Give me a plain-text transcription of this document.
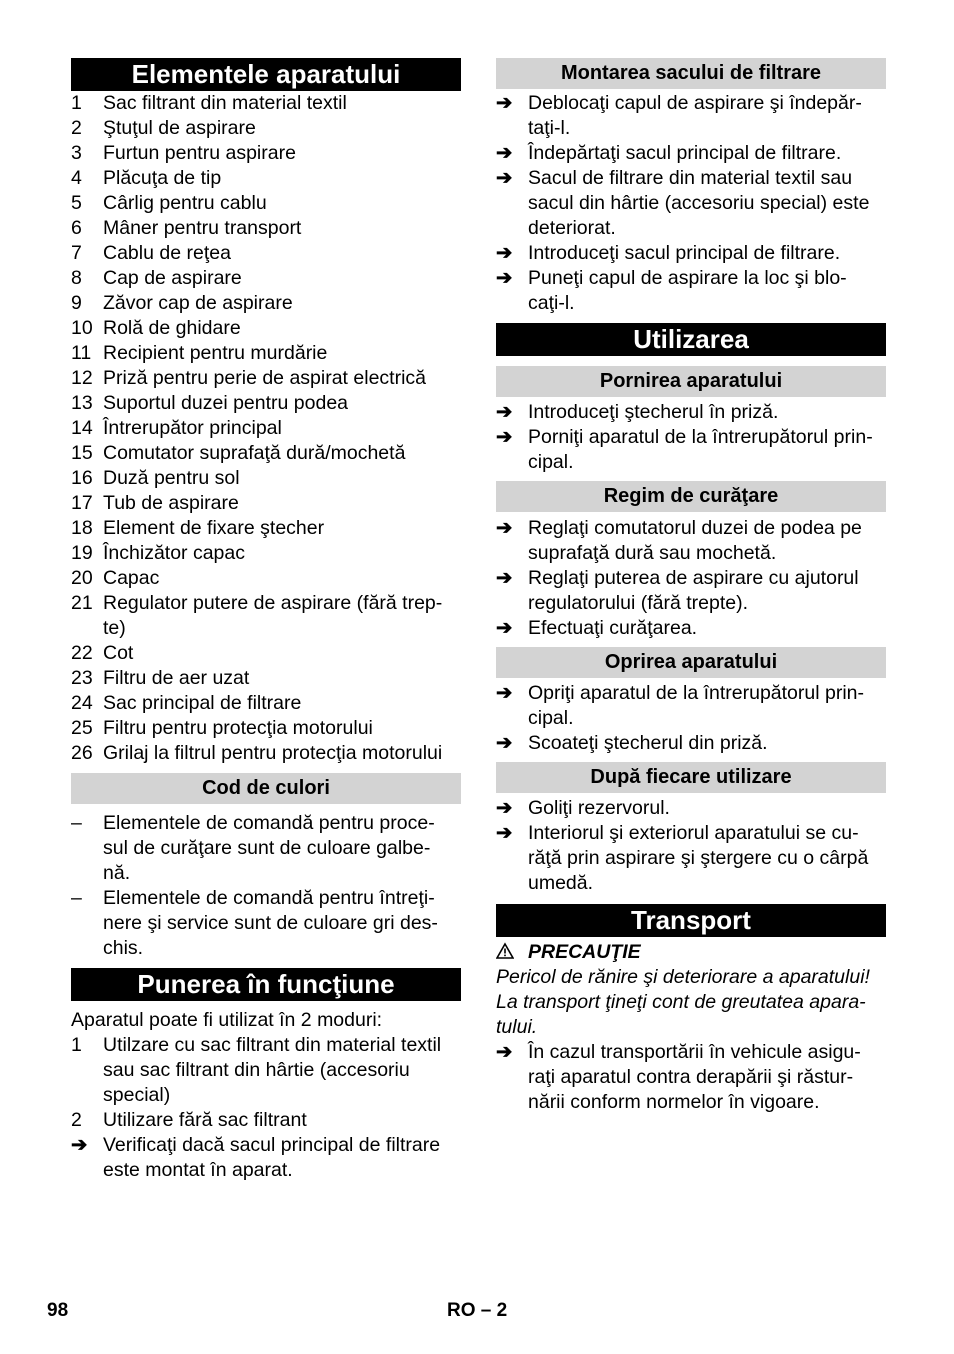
Elementele aparatului
1	Sac filtrant din material textil
2	Ştuţul de aspirare
3	Furtun pentru aspirare
4	Plăcuţa de tip
5	Cârlig pentru cablu
6	Mâner pentru transport
7	Cablu de reţea
8	Cap de aspirare
9	Zăvor cap de aspirare
10 Rolă de ghidare
11 Recipient pentru murdărie
12 Priză pentru perie de aspirat electrică
13 Suportul duzei pentru podea
14 Întrerupător principal
15 Comutator suprafaţă dură/mochetă
16 Duză pentru sol
17 Tub de aspirare
18 Element de fixare ştecher
19 Închizător capac
20 Capac
21 Regulator putere de aspirare (fără trep-
te)
22 Cot
23 Filtru de aer uzat
24 Sac principal de filtrare
25 Filtru pentru protecţia motorului
26 Grilaj la filtrul pentru protecţia motorului
Cod de culori
–	Elementele de comandă pentru proce-
sul de curăţare sunt de culoare galbe-
nă.
–	Elementele de comandă pentru întreţi-
nere şi service sunt de culoare gri des-
chis.
Punerea în funcţiune
Aparatul poate fi utilizat în 2 moduri:
1	Utilzare cu sac filtrant din material textil
sau sac filtrant din hârtie (accesoriu
special)
2	Utilizare fără sac filtrant
➔ Verificaţi dacă sacul principal de filtrare
este montat în aparat.
Montarea sacului de filtrare
➔ Deblocaţi capul de aspirare şi îndepăr-
taţi-l.
➔ Îndepărtaţi sacul principal de filtrare.
➔ Sacul de filtrare din material textil sau
sacul din hârtie (accesoriu special) este
deteriorat.
➔ Introduceţi sacul principal de filtrare.
➔ Puneţi capul de aspirare la loc şi blo-
caţi-l.
Utilizarea
Pornirea aparatului
➔ Introduceţi ştecherul în priză.
➔ Porniţi aparatul de la întrerupătorul prin-
cipal.
Regim de curăţare
➔ Reglaţi comutatorul duzei de podea pe
suprafaţă dură sau mochetă.
➔ Reglaţi puterea de aspirare cu ajutorul
regulatorului (fără trepte).
➔ Efectuaţi curăţarea.
Oprirea aparatului
➔ Opriţi aparatul de la întrerupătorul prin-
cipal.
➔ Scoateţi ştecherul din priză.
După fiecare utilizare
➔ Goliţi rezervorul.
➔ Interiorul şi exteriorul aparatului se cu-
răţă prin aspirare şi ştergere cu o cârpă
umedă.
Transport
PRECAUŢIE
Pericol de rănire şi deteriorare a aparatului!
La transport ţineţi cont de greutatea apara-
tului.
➔ În cazul transportării în vehicule asigu-
raţi aparatul contra derapării şi răstur-
nării conform normelor în vigoare.
98	RO – 2
